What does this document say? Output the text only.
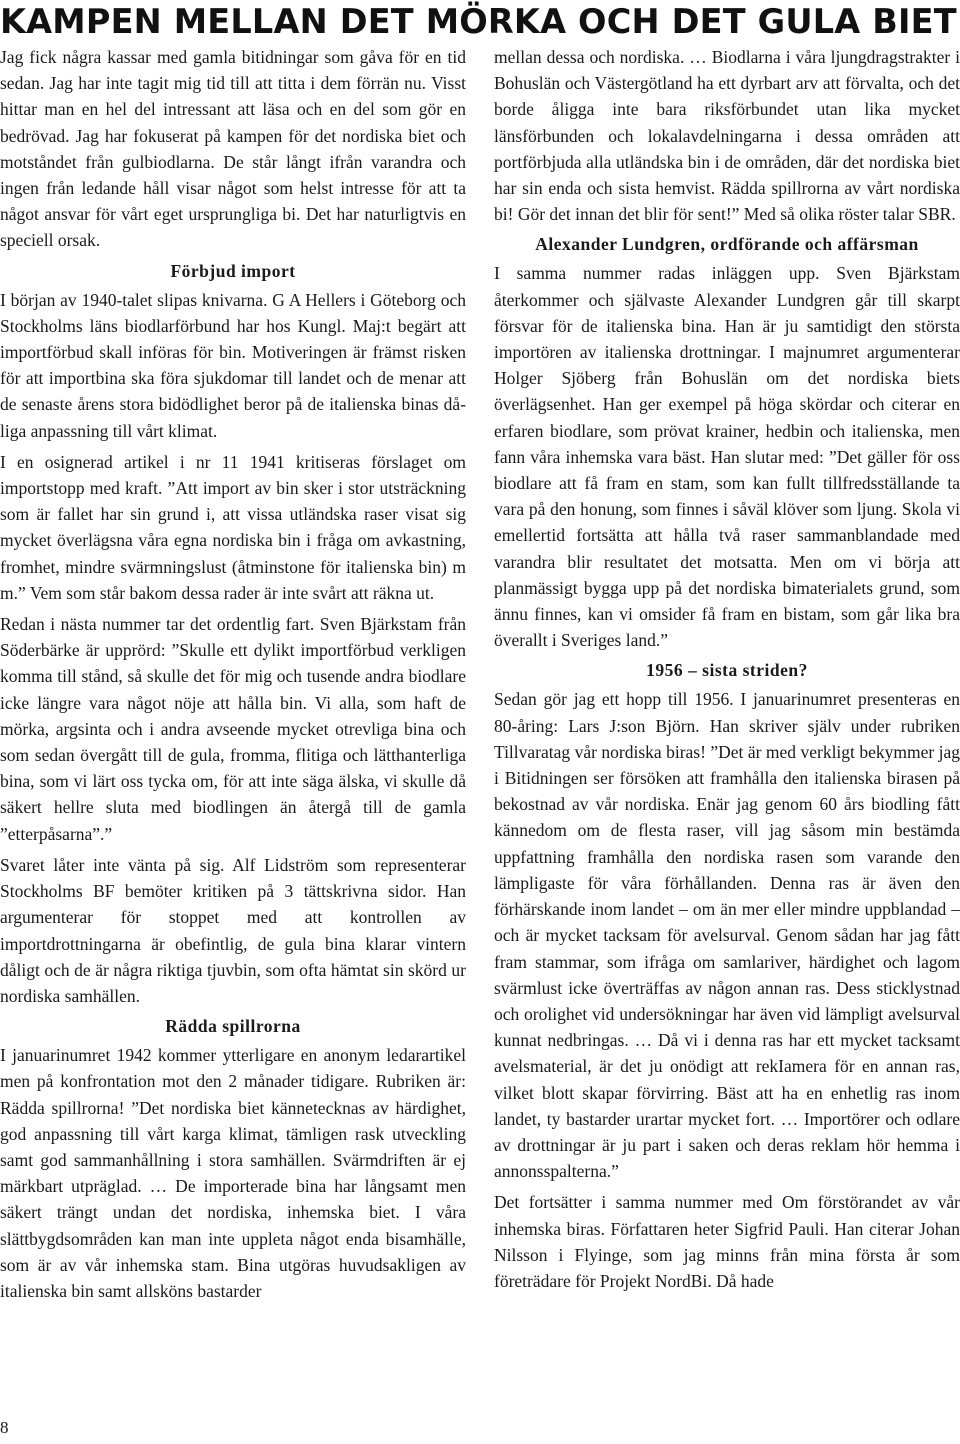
KAMPEN MELLAN DET MÖRKA OCH DET GULA BIET

Jag fick några kassar med gamla bitidningar som gåva för en tid sedan. Jag har inte tagit mig tid till att titta i dem förrän nu. Visst hittar man en hel del intressant att läsa och en del som gör en bedrövad. Jag har fokuserat på kampen för det nordiska biet och motståndet från gulbiodlarna. De står långt ifrån varandra och ingen från ledande håll visar något som helst intresse för att ta något ansvar för vårt eget ursprungliga bi. Det har naturligtvis en speciell orsak.

Förbjud import

I början av 1940-talet slipas knivarna. G A Hellers i Göteborg och Stockholms läns biodlarförbund har hos Kungl. Maj:t begärt att importförbud skall införas för bin. Motiveringen är främst risken för att importbina ska föra sjukdomar till landet och de menar att de senaste årens stora bidödlighet beror på de italienska binas dåliga anpassning till vårt klimat.

I en osignerad artikel i nr 11 1941 kritiseras förslaget om importstopp med kraft. ”Att import av bin sker i stor utsträckning som är fallet har sin grund i, att vissa utländska raser visat sig mycket överlägsna våra egna nordiska bin i fråga om avkastning, fromhet, mindre svärmningslust (åtminstone för italienska bin) m m.” Vem som står bakom dessa rader är inte svårt att räkna ut.

Redan i nästa nummer tar det ordentlig fart. Sven Bjärkstam från Söderbärke är upprörd: ”Skulle ett dylikt importförbud verkligen komma till stånd, så skulle det för mig och tusende andra biodlare icke längre vara något nöje att hålla bin. Vi alla, som haft de mörka, argsinta och i andra avseende mycket otrevliga bina och som sedan övergått till de gula, fromma, flitiga och lätthanterliga bina, som vi lärt oss tycka om, för att inte säga älska, vi skulle då säkert hellre sluta med biodlingen än återgå till de gamla ”etterpåsarna”.”

Svaret låter inte vänta på sig. Alf Lidström som representerar Stockholms BF bemöter kritiken på 3 tättskrivna sidor. Han argumenterar för stoppet med att kontrollen av importdrottningarna är obefintlig, de gula bina klarar vintern dåligt och de är några riktiga tjuvbin, som ofta hämtat sin skörd ur nordiska samhällen.

Rädda spillrorna

I januarinumret 1942 kommer ytterligare en anonym ledarartikel men på konfrontation mot den 2 månader tidigare. Rubriken är: Rädda spillrorna! ”Det nordiska biet kännetecknas av härdighet, god anpassning till vårt karga klimat, tämligen rask utveckling samt god sammanhållning i stora samhällen. Svärmdriften är ej märkbart utpräglad. … De importerade bina har långsamt men säkert trängt undan det nordiska, inhemska biet. I våra slättbygdsområden kan man inte uppleta något enda bisamhälle, som är av vår inhemska stam. Bina utgöras huvudsakligen av italienska bin samt allsköns bastarder

mellan dessa och nordiska. … Biodlarna i våra ljungdragstrakter i Bohuslän och Västergötland ha ett dyrbart arv att förvalta, och det borde åligga inte bara riksförbundet utan lika mycket länsförbunden och lokalavdelningarna i dessa områden att portförbjuda alla utländska bin i de områden, där det nordiska biet har sin enda och sista hemvist. Rädda spillrorna av vårt nordiska bi! Gör det innan det blir för sent!” Med så olika röster talar SBR.

Alexander Lundgren, ordförande och affärsman

I samma nummer radas inläggen upp. Sven Bjärkstam återkommer och självaste Alexander Lundgren går till skarpt försvar för de italienska bina. Han är ju samtidigt den största importören av italienska drottningar. I majnumret argumenterar Holger Sjöberg från Bohuslän om det nordiska biets överlägsenhet. Han ger exempel på höga skördar och citerar en erfaren biodlare, som prövat krainer, hedbin och italienska, men fann våra inhemska vara bäst. Han slutar med: ”Det gäller för oss biodlare att få fram en stam, som kan fullt tillfredsställande ta vara på den honung, som finnes i såväl klöver som ljung. Skola vi emellertid fortsätta att hålla två raser sammanblandade med varandra blir resultatet det motsatta. Men om vi börja att planmässigt bygga upp på det nordiska bimaterialets grund, som ännu finnes, kan vi omsider få fram en bistam, som går lika bra överallt i Sveriges land.”

1956 – sista striden?

Sedan gör jag ett hopp till 1956. I januarinumret presenteras en 80-åring: Lars J:son Björn. Han skriver själv under rubriken Tillvaratag vår nordiska biras! ”Det är med verkligt bekymmer jag i Bitidningen ser försöken att framhålla den italienska birasen på bekostnad av vår nordiska. Enär jag genom 60 års biodling fått kännedom om de flesta raser, vill jag såsom min bestämda uppfattning framhålla den nordiska rasen som varande den lämpligaste för våra förhållanden. Denna ras är även den förhärskande inom landet – om än mer eller mindre uppblandad – och är mycket tacksam för avelsurval. Genom sådan har jag fått fram stammar, som ifråga om samlariver, härdighet och lagom svärmlust icke överträffas av någon annan ras. Dess sticklystnad och orolighet vid undersökningar har även vid lämpligt avelsurval kunnat nedbringas. … Då vi i denna ras har ett mycket tacksamt avelsmaterial, är det ju onödigt att rekIamera för en annan ras, vilket blott skapar förvirring. Bäst att ha en enhetlig ras inom landet, ty bastarder urartar mycket fort. … Importörer och odlare av drottningar är ju part i saken och deras reklam hör hemma i annonsspalterna.”

Det fortsätter i samma nummer med Om förstörandet av vår inhemska biras. Författaren heter Sigfrid Pauli. Han citerar Johan Nilsson i Flyinge, som jag minns från mina första år som företrädare för Projekt NordBi. Då hade

8
